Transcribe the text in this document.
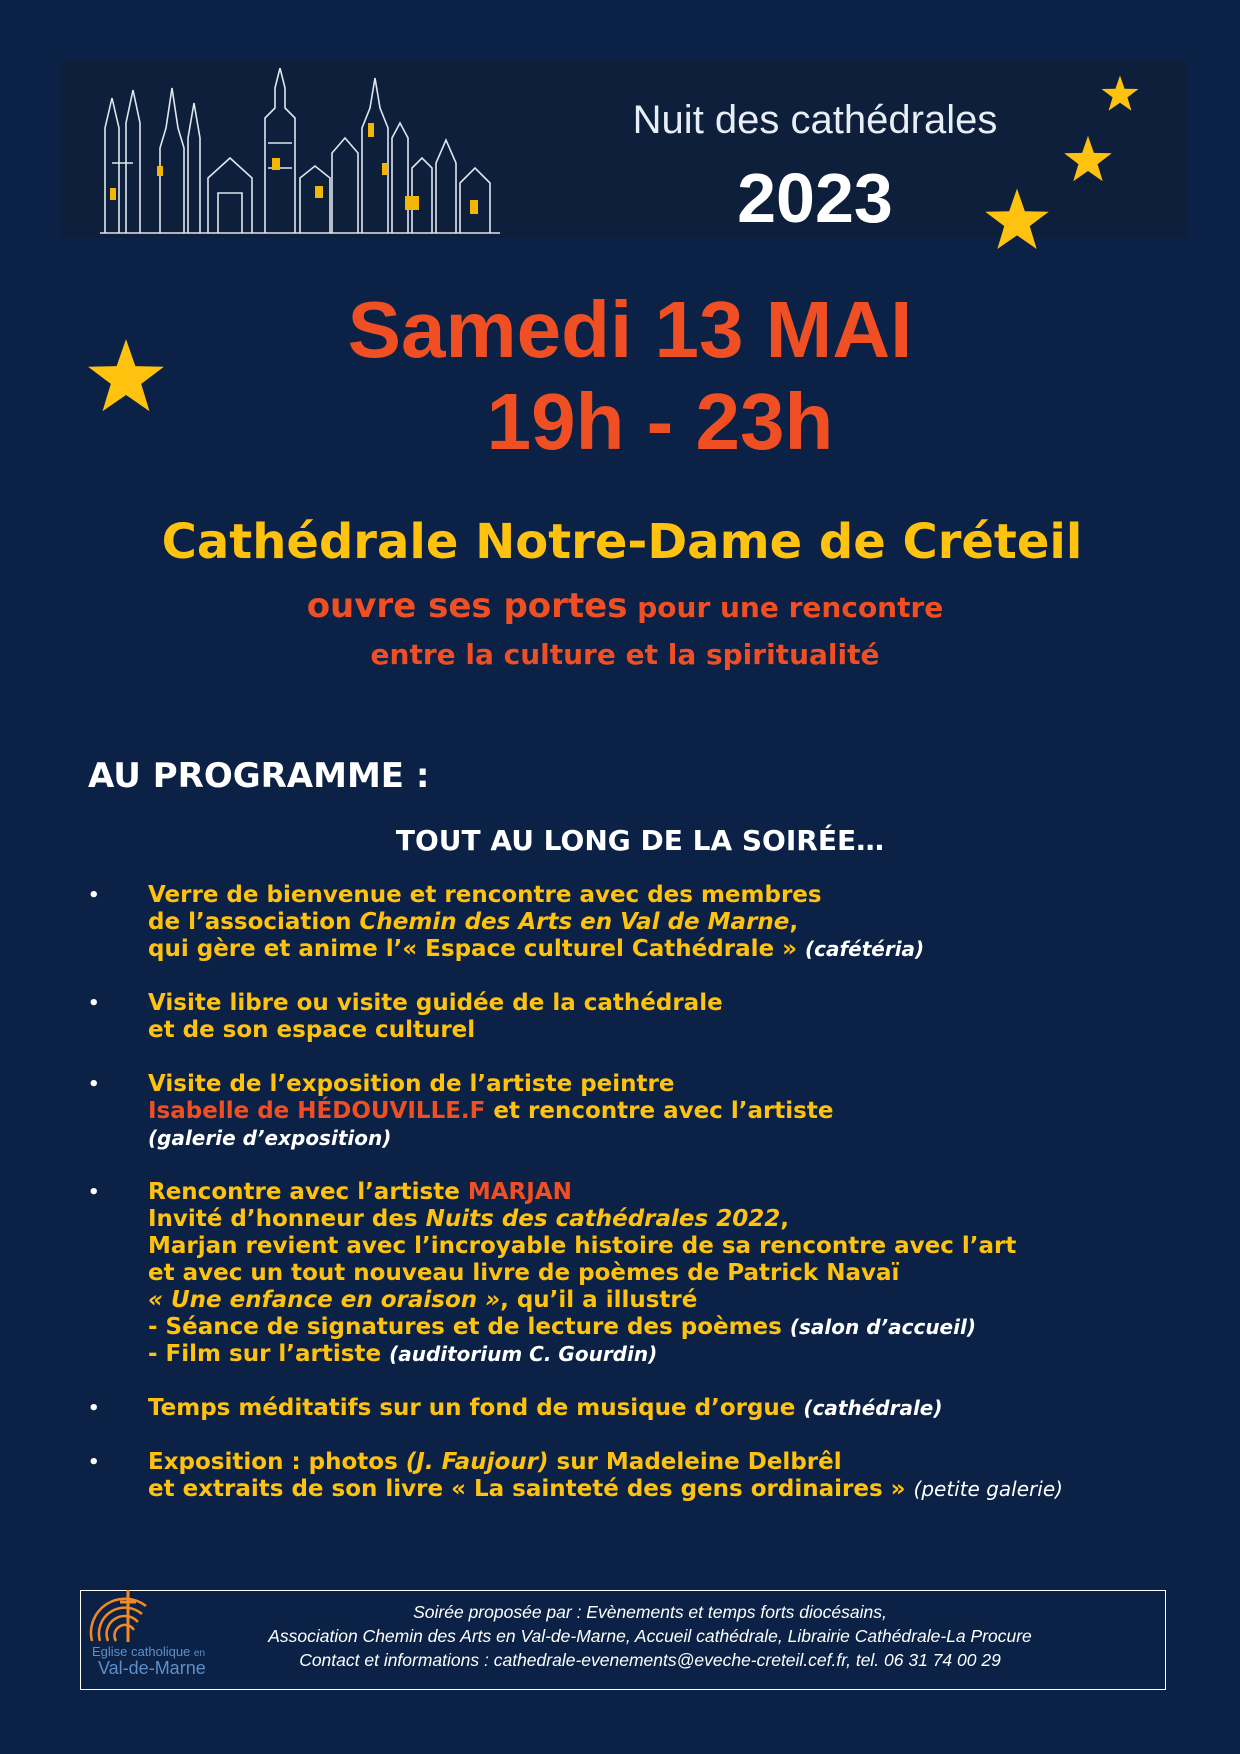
Nuit des cathédrales
2023
Samedi 13 MAI
19h - 23h
Cathédrale Notre-Dame de Créteil
ouvre ses portes pour une rencontre
entre la culture et la spiritualité
AU PROGRAMME :
TOUT AU LONG DE LA SOIRÉE…
• Verre de bienvenue et rencontre avec des membres
de l’association Chemin des Arts en Val de Marne,
qui gère et anime l’« Espace culturel Cathédrale » (cafétéria)
• Visite libre ou visite guidée de la cathédrale
et de son espace culturel
• Visite de l’exposition de l’artiste peintre
Isabelle de HÉDOUVILLE.F et rencontre avec l’artiste
(galerie d’exposition)
• Rencontre avec l’artiste MARJAN
Invité d’honneur des Nuits des cathédrales 2022,
Marjan revient avec l’incroyable histoire de sa rencontre avec l’art
et avec un tout nouveau livre de poèmes de Patrick Navaï
« Une enfance en oraison », qu’il a illustré
- Séance de signatures et de lecture des poèmes (salon d’accueil)
- Film sur l’artiste (auditorium C. Gourdin)
• Temps méditatifs sur un fond de musique d’orgue (cathédrale)
• Exposition : photos (J. Faujour) sur Madeleine Delbrêl
et extraits de son livre « La sainteté des gens ordinaires » (petite galerie)
Eglise catholique en
Val-de-Marne
Soirée proposée par : Evènements et temps forts diocésains,
Association Chemin des Arts en Val-de-Marne, Accueil cathédrale, Librairie Cathédrale-La Procure
Contact et informations : cathedrale-evenements@eveche-creteil.cef.fr, tel. 06 31 74 00 29
